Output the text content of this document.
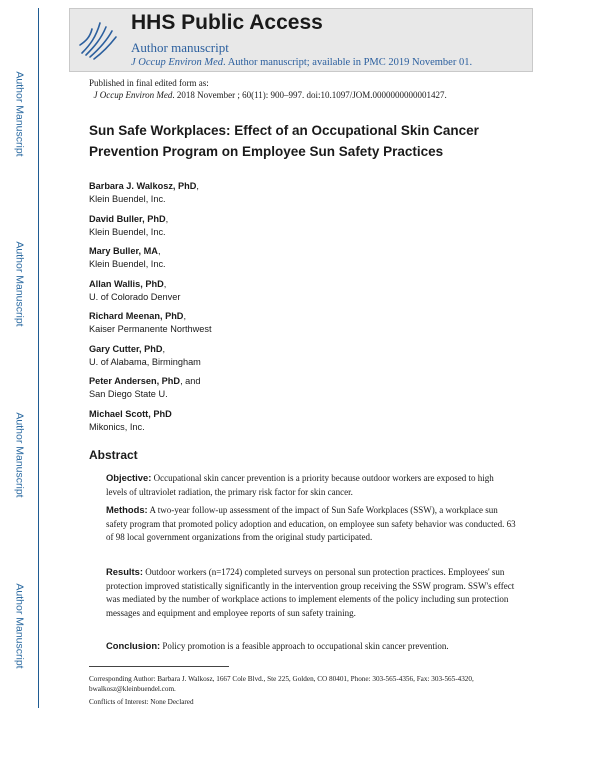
Author Manuscript
Author Manuscript
Author Manuscript
Author Manuscript
HHS Public Access
Author manuscript
J Occup Environ Med. Author manuscript; available in PMC 2019 November 01.
Published in final edited form as:
J Occup Environ Med. 2018 November ; 60(11): 900–997. doi:10.1097/JOM.0000000000001427.
Sun Safe Workplaces: Effect of an Occupational Skin Cancer Prevention Program on Employee Sun Safety Practices
Barbara J. Walkosz, PhD,
Klein Buendel, Inc.
David Buller, PhD,
Klein Buendel, Inc.
Mary Buller, MA,
Klein Buendel, Inc.
Allan Wallis, PhD,
U. of Colorado Denver
Richard Meenan, PhD,
Kaiser Permanente Northwest
Gary Cutter, PhD,
U. of Alabama, Birmingham
Peter Andersen, PhD, and
San Diego State U.
Michael Scott, PhD
Mikonics, Inc.
Abstract
Objective: Occupational skin cancer prevention is a priority because outdoor workers are exposed to high levels of ultraviolet radiation, the primary risk factor for skin cancer.
Methods: A two-year follow-up assessment of the impact of Sun Safe Workplaces (SSW), a workplace sun safety program that promoted policy adoption and education, on employee sun safety behavior was conducted. 63 of 98 local government organizations from the original study participated.
Results: Outdoor workers (n=1724) completed surveys on personal sun protection practices. Employees' sun protection improved statistically significantly in the intervention group receiving the SSW program. SSW's effect was mediated by the number of workplace actions to implement elements of the policy including sun protection messages and equipment and employee reports of sun safety training.
Conclusion: Policy promotion is a feasible approach to occupational skin cancer prevention.
Corresponding Author: Barbara J. Walkosz, 1667 Cole Blvd., Ste 225, Golden, CO 80401, Phone: 303-565-4356, Fax: 303-565-4320, bwalkosz@kleinbuendel.com.
Conflicts of Interest: None Declared
